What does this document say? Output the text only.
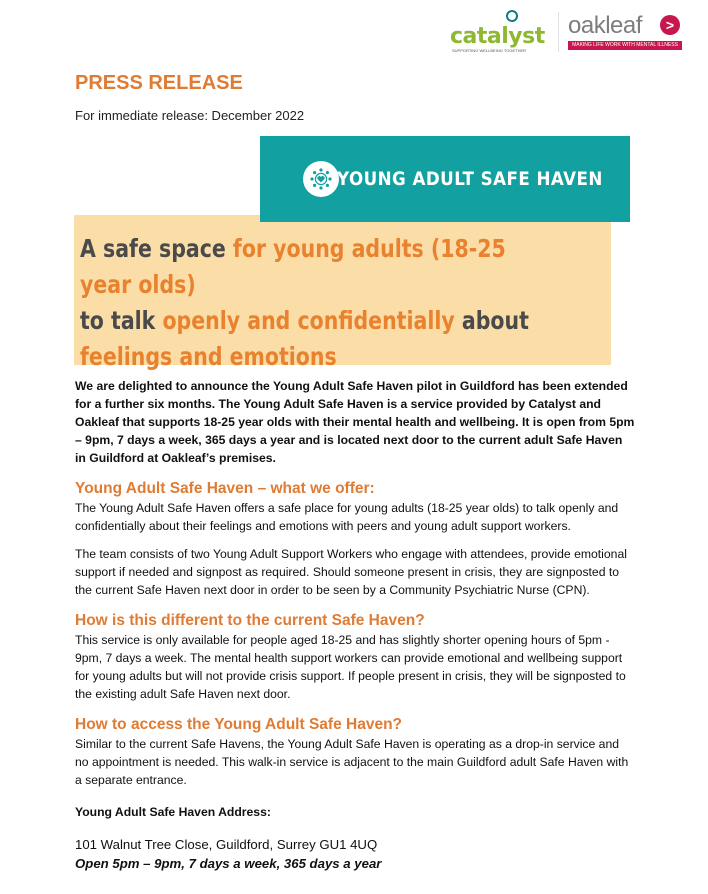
catalyst
SUPPORTING WELLBEING TOGETHER
oakleaf	>
MAKING LIFE WORK WITH MENTAL ILLNESS
PRESS RELEASE
For immediate release: December 2022
YOUNG ADULT SAFE HAVEN

A safe space for young adults (18-25 year olds)
to talk openly and confidentially about feelings and emotions

We are delighted to announce the Young Adult Safe Haven pilot in Guildford has been extended for a further six months. The Young Adult Safe Haven is a service provided by Catalyst and Oakleaf that supports 18-25 year olds with their mental health and wellbeing. It is open from 5pm – 9pm, 7 days a week, 365 days a year and is located next door to the current adult Safe Haven in Guildford at Oakleaf’s premises.

Young Adult Safe Haven – what we offer:

The Young Adult Safe Haven offers a safe place for young adults (18-25 year olds) to talk openly and confidentially about their feelings and emotions with peers and young adult support workers.

The team consists of two Young Adult Support Workers who engage with attendees, provide emotional support if needed and signpost as required. Should someone present in crisis, they are signposted to the current Safe Haven next door in order to be seen by a Community Psychiatric Nurse (CPN).

How is this different to the current Safe Haven?

This service is only available for people aged 18-25 and has slightly shorter opening hours of 5pm - 9pm, 7 days a week. The mental health support workers can provide emotional and wellbeing support for young adults but will not provide crisis support. If people present in crisis, they will be signposted to the existing adult Safe Haven next door.

How to access the Young Adult Safe Haven?

Similar to the current Safe Havens, the Young Adult Safe Haven is operating as a drop-in service and no appointment is needed. This walk-in service is adjacent to the main Guildford adult Safe Haven with a separate entrance.

Young Adult Safe Haven Address:

101 Walnut Tree Close, Guildford, Surrey GU1 4UQ

Open 5pm – 9pm, 7 days a week, 365 days a year
